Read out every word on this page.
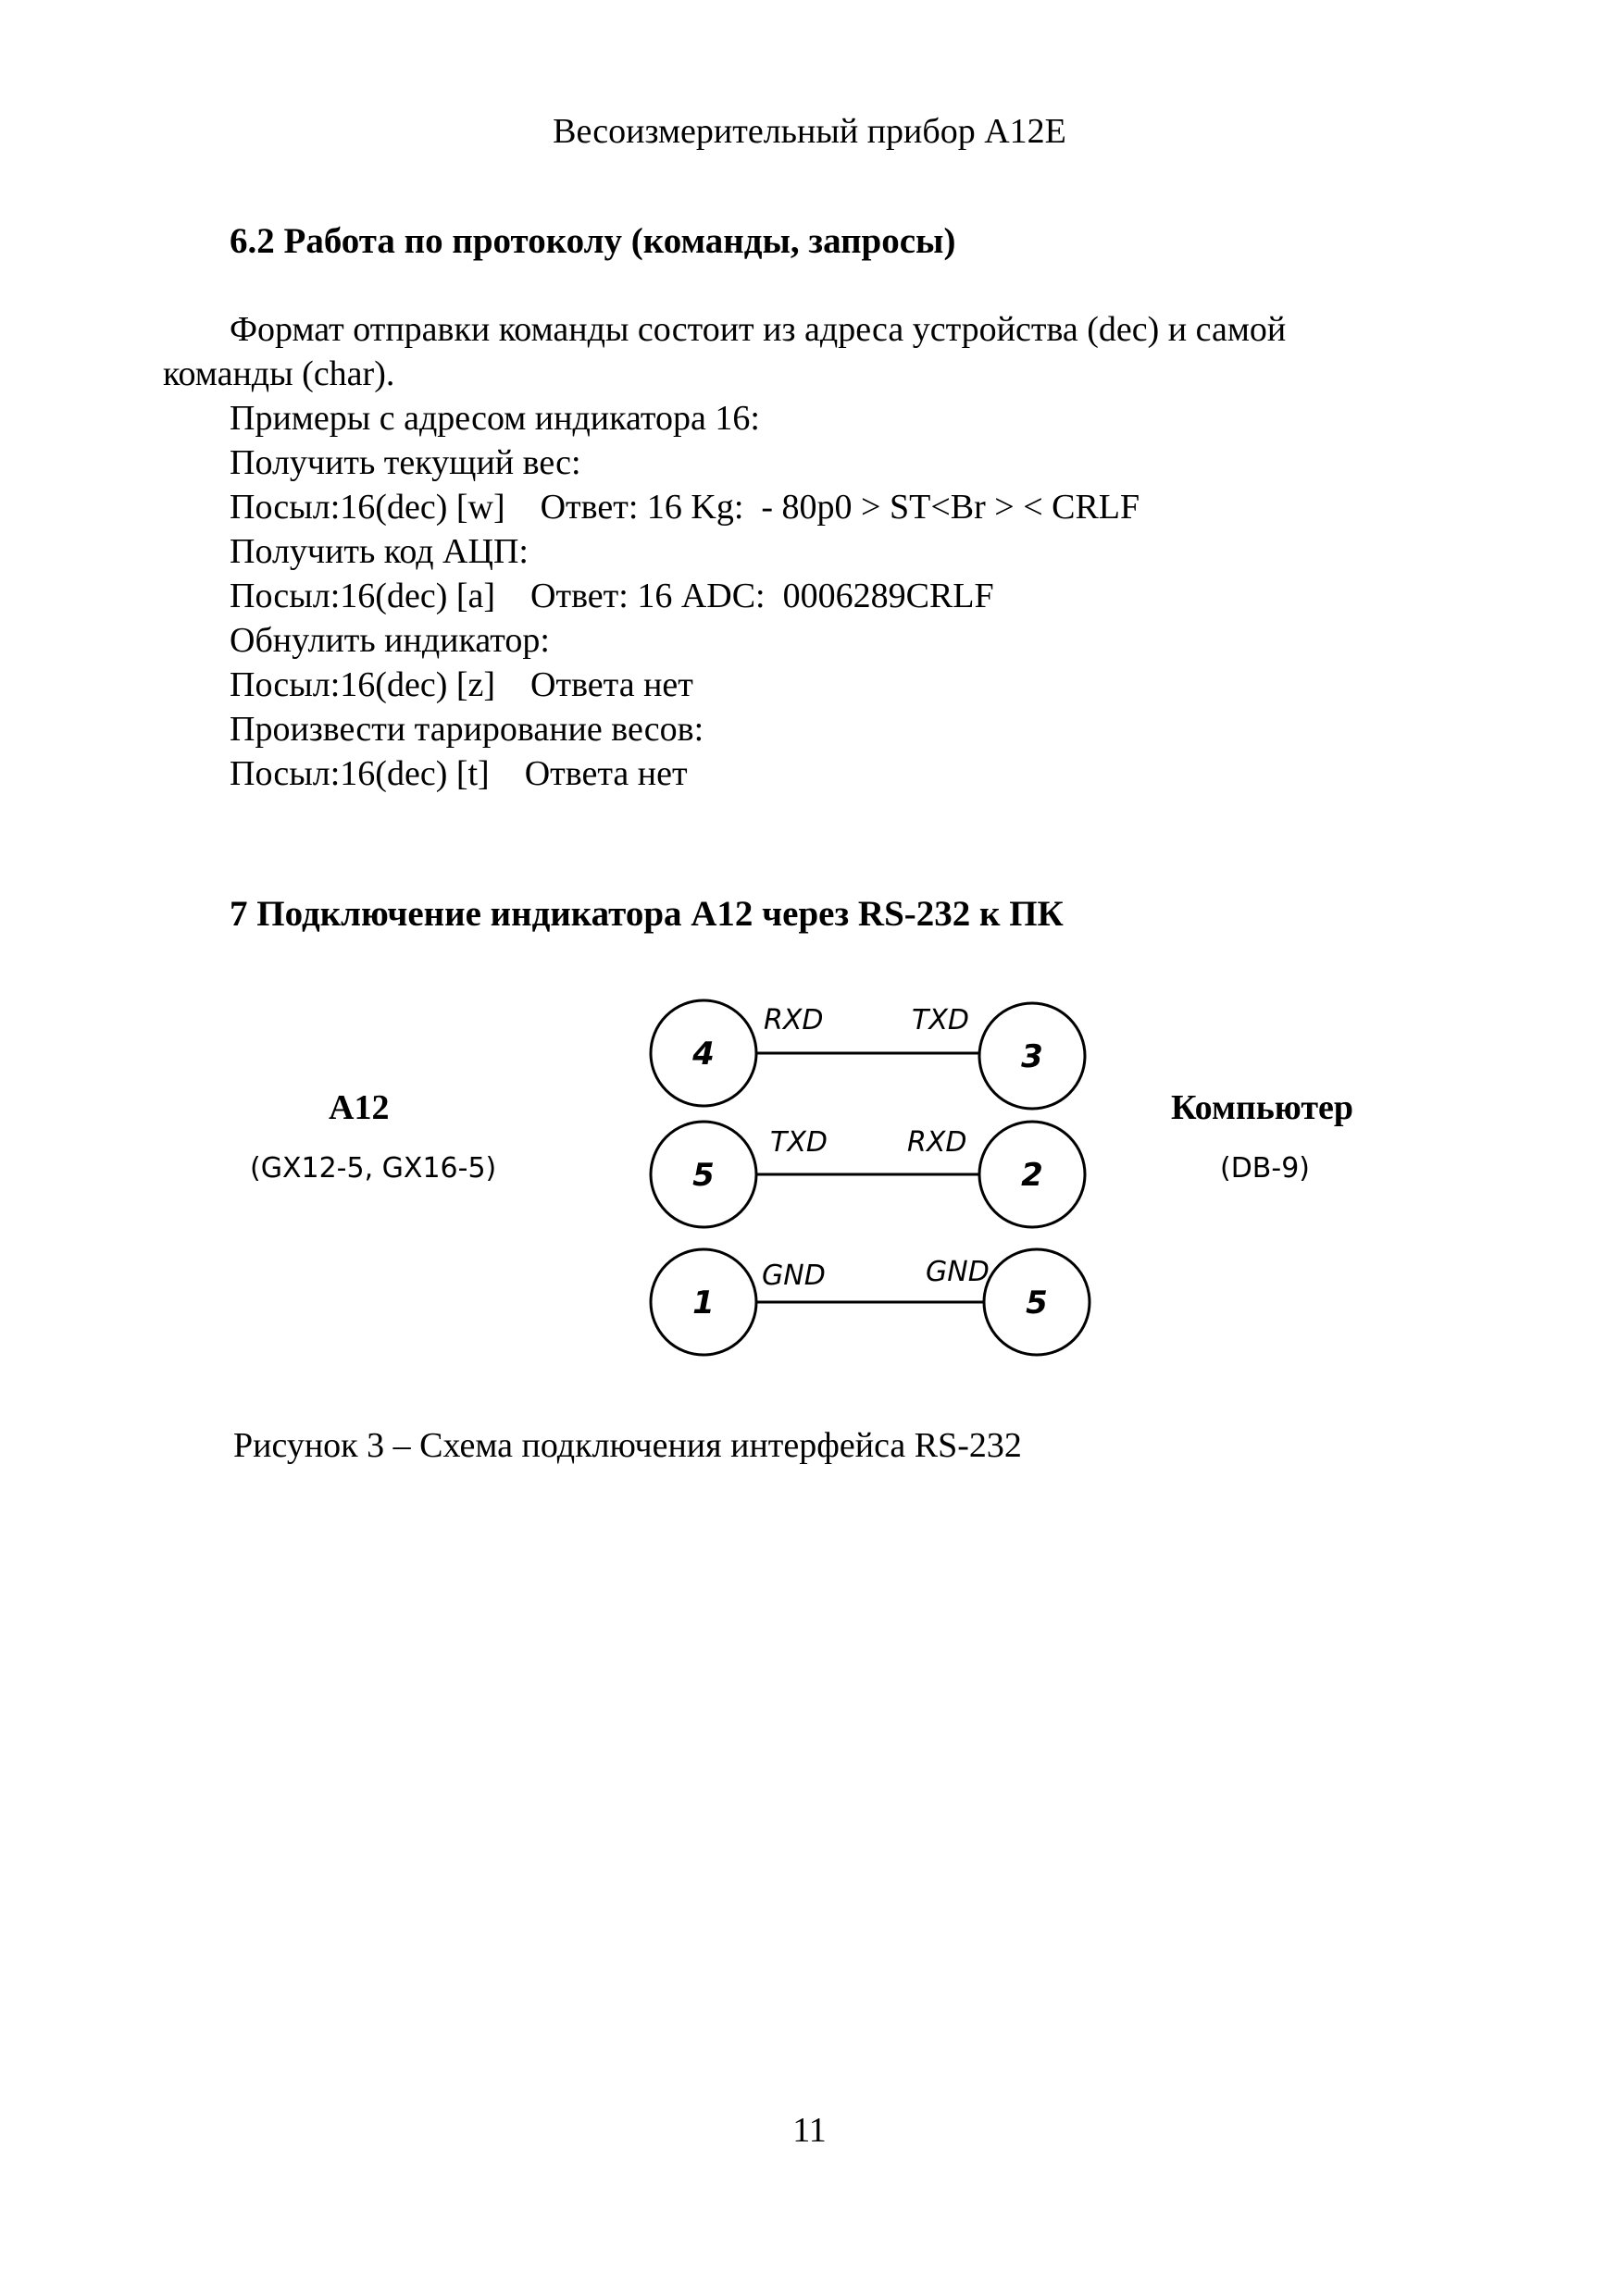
Весоизмерительный прибор A12E
6.2 Работа по протоколу (команды, запросы)
Формат отправки команды состоит из адреса устройства (dec) и самой
команды (char).
Примеры с адресом индикатора 16:
Получить текущий вес:
Посыл:16(dec) [w]    Ответ: 16 Kg:  - 80p0 > ST<Br > < CRLF
Получить код АЦП:
Посыл:16(dec) [a]    Ответ: 16 ADC:  0006289CRLF
Обнулить индикатор:
Посыл:16(dec) [z]    Ответа нет
Произвести тарирование весов:
Посыл:16(dec) [t]    Ответа нет
7 Подключение индикатора A12 через RS-232 к ПК
A12
(GX12-5, GX16-5)
Компьютер
(DB-9)
4
RXD	TXD
3
5
TXD	RXD
2
1
GND	GND
5
Рисунок 3 – Схема подключения интерфейса RS-232
11
